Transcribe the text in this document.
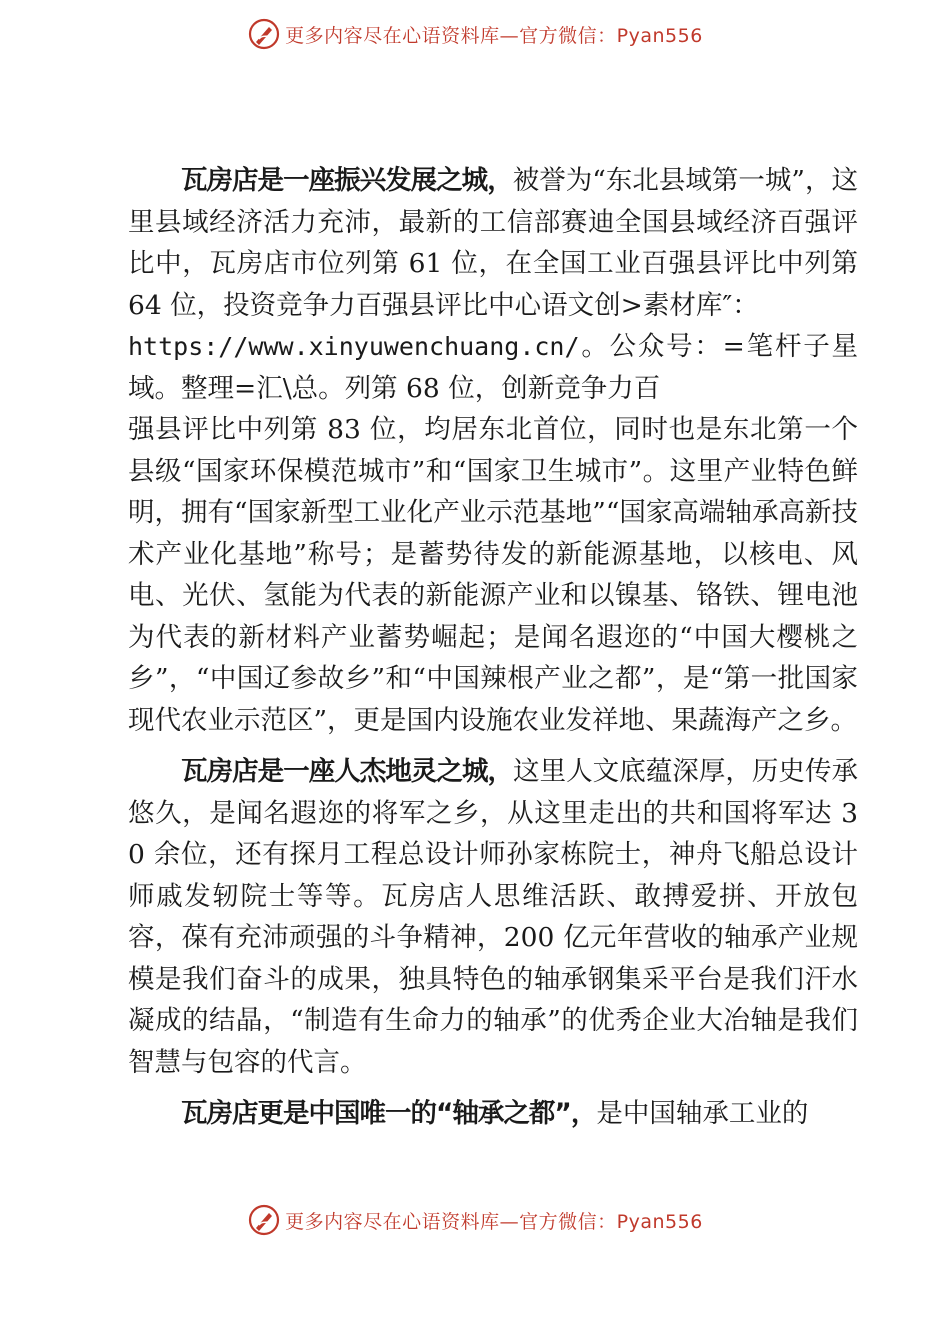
更多内容尽在心语资料库—官方微信：Pyan556

瓦房店是一座振兴发展之城，被誉为“东北县域第一城”，这里县域经济活力充沛，最新的工信部赛迪全国县域经济百强评比中，瓦房店市位列第 61 位，在全国工业百强县评比中列第 64 位，投资竞争力百强县评比中心语文创>素材库″：
https://www.xinyuwenchuang.cn/。公众号：=笔杆子星域。整理=汇\总。列第 68 位，创新竞争力百
强县评比中列第 83 位，均居东北首位，同时也是东北第一个县级“国家环保模范城市”和“国家卫生城市”。这里产业特色鲜明，拥有“国家新型工业化产业示范基地”“国家高端轴承高新技术产业化基地”称号；是蓄势待发的新能源基地，以核电、风电、光伏、氢能为代表的新能源产业和以镍基、铬铁、锂电池为代表的新材料产业蓄势崛起；是闻名遐迩的“中国大樱桃之乡”，“中国辽参故乡”和“中国辣根产业之都”，是“第一批国家现代农业示范区”，更是国内设施农业发祥地、果蔬海产之乡。

瓦房店是一座人杰地灵之城，这里人文底蕴深厚，历史传承悠久，是闻名遐迩的将军之乡，从这里走出的共和国将军达 30 余位，还有探月工程总设计师孙家栋院士，神舟飞船总设计师戚发轫院士等等。瓦房店人思维活跃、敢搏爱拼、开放包容，葆有充沛顽强的斗争精神，200 亿元年营收的轴承产业规模是我们奋斗的成果，独具特色的轴承钢集采平台是我们汗水凝成的结晶，“制造有生命力的轴承”的优秀企业大冶轴是我们智慧与包容的代言。

瓦房店更是中国唯一的“轴承之都”，是中国轴承工业的

更多内容尽在心语资料库—官方微信：Pyan556
